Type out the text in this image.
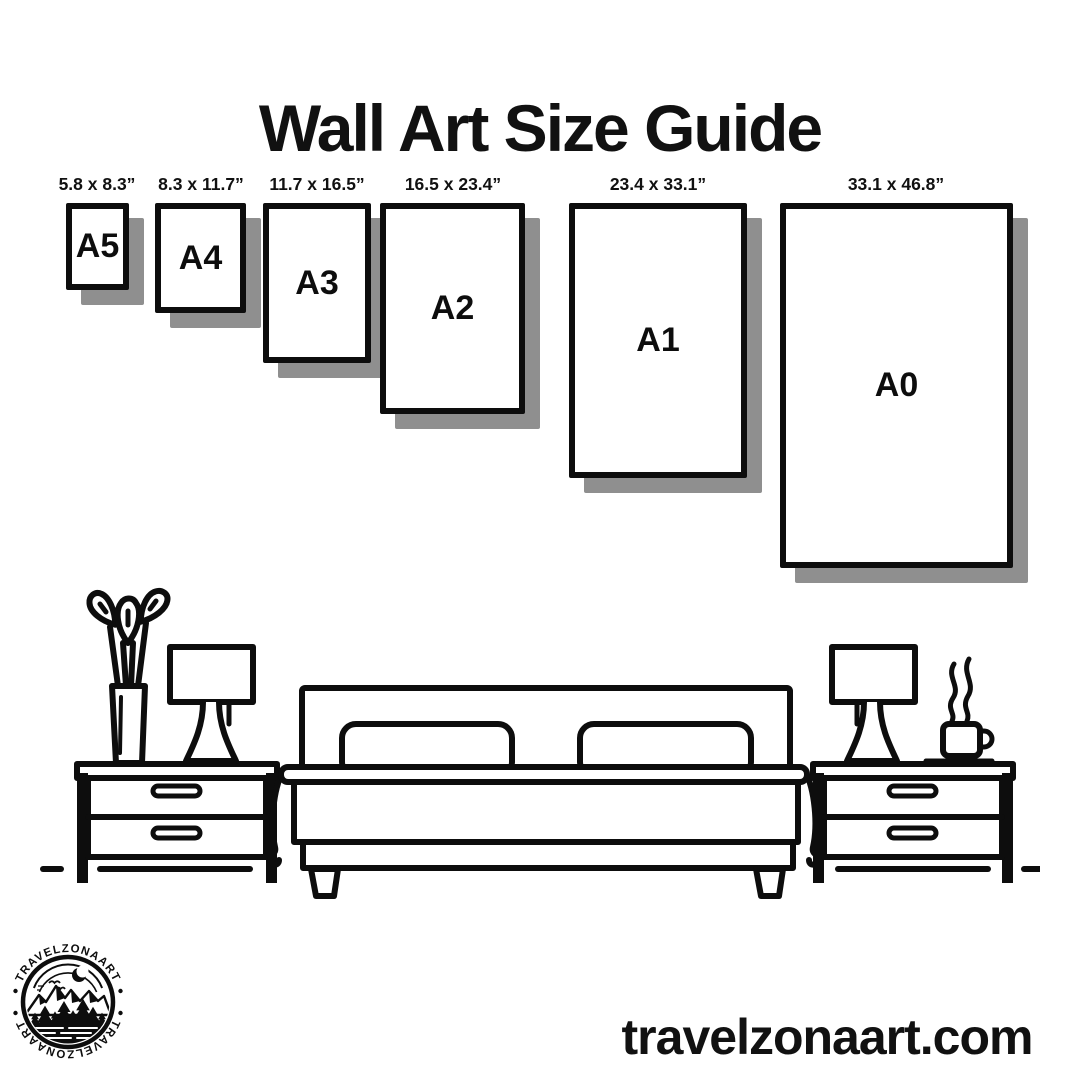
Wall Art Size Guide
5.8 x 8.3”	8.3 x 11.7”	11.7 x 16.5”	16.5 x 23.4”	23.4 x 33.1”	33.1 x 46.8”
A5 A4
A3
A2
A1
A0
TRAVELZONAART
TRAVELZONAART	travelzonaart.com
